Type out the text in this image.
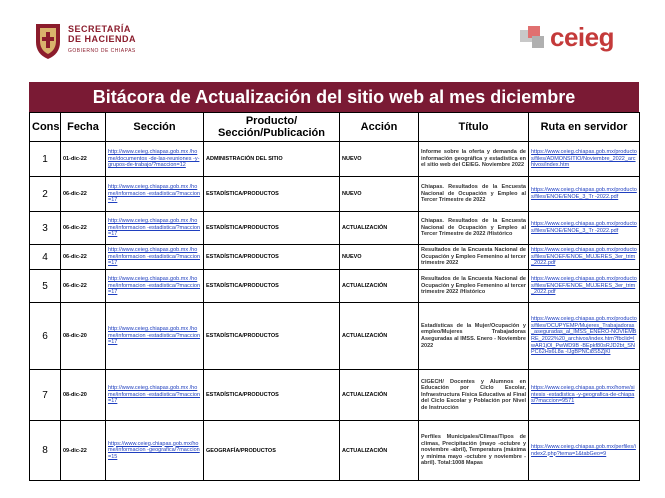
SECRETARÍA
DE HACIENDA
GOBIERNO DE CHIAPAS	ceieg
Bitácora de Actualización del sitio web al mes diciembre
Cons	Fecha	Sección	Producto/
Sección/Publicación	Acción	Título	Ruta en servidor
1	01-dic-22	http://www.ceieg.chiapas.gob.mx /home/documentos -de-las-reuniones -y-grupos-de-trabajo/?maccion=12	ADMINISTRACIÓN DEL SITIO	NUEVO	Informe sobre la oferta y demanda de información geográfica y estadística en el sitio web del CEIEG. Noviembre 2022	https://www.ceieg.chiapas.gob.mx/productos/files/ADMONSITIO/Noviembre_2022_archivos/index.htm
2	06-dic-22	http://www.ceieg.chiapas.gob.mx /home/informacion -estadistica/?maccion=17	ESTADÍSTICA/PRODUCTOS	NUEVO	Chiapas. Resultados de la Encuesta Nacional de Ocupación y Empleo al Tercer Trimestre de 2022	https://www.ceieg.chiapas.gob.mx/productos/files/ENOE/ENOE_3_Tr -2022.pdf
3	06-dic-22	http://www.ceieg.chiapas.gob.mx /home/informacion -estadistica/?maccion=17	ESTADÍSTICA/PRODUCTOS	ACTUALIZACIÓN	Chiapas. Resultados de la Encuesta Nacional de Ocupación y Empleo al Tercer Trimestre de 2022 /Histórico	https://www.ceieg.chiapas.gob.mx/productos/files/ENOE/ENOE_3_Tr -2022.pdf
4	06-dic-22	http://www.ceieg.chiapas.gob.mx /home/informacion -estadistica/?maccion=17	ESTADÍSTICA/PRODUCTOS	NUEVO	Resultados de la Encuesta Nacional de Ocupación y Empleo Femenino al tercer trimestre 2022	https://www.ceieg.chiapas.gob.mx/productos/files/ENOEF/ENOE_MUJERES_3er_trim_2022.pdf
5	06-dic-22	http://www.ceieg.chiapas.gob.mx /home/informacion -estadistica/?maccion=17	ESTADÍSTICA/PRODUCTOS	ACTUALIZACIÓN	Resultados de la Encuesta Nacional de Ocupación y Empleo Femenino al tercer trimestre 2022 /Histórico	https://www.ceieg.chiapas.gob.mx/productos/files/ENOEF/ENOE_MUJERES_3er_trim_2022.pdf
6	08-dic-20	http://www.ceieg.chiapas.gob.mx /home/informacion -estadistica/?maccion=17	ESTADÍSTICA/PRODUCTOS	ACTUALIZACIÓN	Estadísticas de la Mujer/Ocupación y empleo/Mujeres Trabajadoras Aseguradas al IMSS. Enero - Noviembre 2022	https://www.ceieg.chiapas.gob.mx/productos/files/OCUPYEMP/Mujeres_Trabajadoras_aseguradas_al_IMSS_ENERO-NOVIEMBRE_2022%20_archivos/index.htm?fbclid=IwAR1jOl_PwWD9B -BEpkf80sRJD2bt_SNPC62Hs6L8a -IJgBPNCi8S5ZjKI
7	08-dic-20	http://www.ceieg.chiapas.gob.mx /home/informacion -estadistica/?maccion=17	ESTADÍSTICA/PRODUCTOS	ACTUALIZACIÓN	CIGECH/ Docentes y Alumnos en Educación por Ciclo Escolar, Infraestructura Física Educativa al Final del Ciclo Escolar y Población por Nivel de Instrucción	https://www.ceieg.chiapas.gob.mx/home/sintesis -estadistica -y-geografica-de-chiapas/?maccion=9571
8	09-dic-22	https://www.ceieg.chiapas.gob.mx/home/informacion -geografica/?maccion=15	GEOGRAFÍA/PRODUCTOS	ACTUALIZACIÓN	Perfiles Municipales/Climas/Tipos de climas, Precipitación (mayo -octubre y noviembre -abril), Temperatura (máxima y mínima mayo -octubre y noviembre -abril). Total:1008 Mapas	https://www.ceieg.chiapas.gob.mx/perfiles/index2.php?tema=1&tabGeo=9
